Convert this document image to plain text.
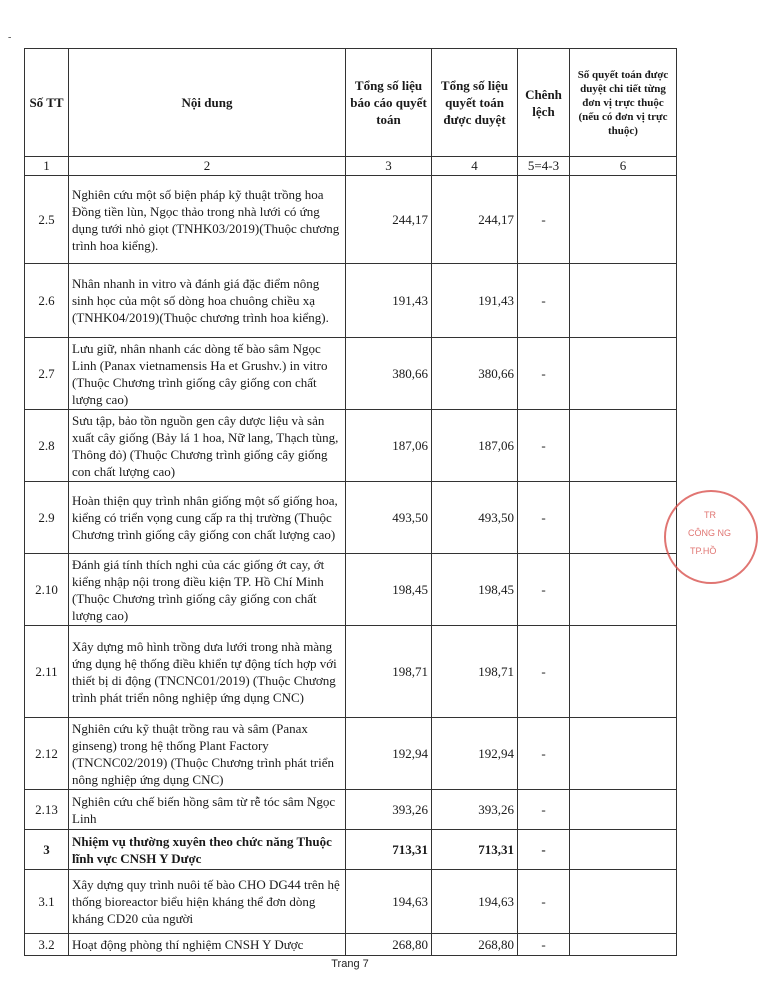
-
Số TT	Nội dung	Tổng số liệu báo cáo quyết toán	Tổng số liệu quyết toán được duyệt	Chênh lệch	Số quyết toán được duyệt chi tiết từng đơn vị trực thuộc (nếu có đơn vị trực thuộc)
1	2	3	4	5=4-3	6
2.5	Nghiên cứu một số biện pháp kỹ thuật trồng hoa Đồng tiền lùn, Ngọc thảo trong nhà lưới có ứng dụng tưới nhỏ giọt (TNHK03/2019)(Thuộc chương trình hoa kiểng).	244,17	244,17	-	
2.6	Nhân nhanh in vitro và đánh giá đặc điểm nông sinh học của một số dòng hoa chuông chiều xạ (TNHK04/2019)(Thuộc chương trình hoa kiểng).	191,43	191,43	-	
2.7	Lưu giữ, nhân nhanh các dòng tế bào sâm Ngọc Linh (Panax vietnamensis Ha et Grushv.) in vitro (Thuộc Chương trình giống cây giống con chất lượng cao)	380,66	380,66	-	
2.8	Sưu tập, bảo tồn nguồn gen cây dược liệu và sản xuất cây giống (Bảy lá 1 hoa, Nữ lang, Thạch tùng, Thông đỏ) (Thuộc Chương trình giống cây giống con chất lượng cao)	187,06	187,06	-	
2.9	Hoàn thiện quy trình nhân giống một số giống hoa, kiểng có triển vọng cung cấp ra thị trường (Thuộc Chương trình giống cây giống con chất lượng cao)	493,50	493,50	-	
2.10	Đánh giá tính thích nghi của các giống ớt cay, ớt kiểng nhập nội trong điều kiện TP. Hồ Chí Minh (Thuộc Chương trình giống cây giống con chất lượng cao)	198,45	198,45	-	
2.11	Xây dựng mô hình trồng dưa lưới trong nhà màng ứng dụng hệ thống điều khiển tự động tích hợp với thiết bị di động (TNCNC01/2019) (Thuộc Chương trình phát triển nông nghiệp ứng dụng CNC)	198,71	198,71	-	
2.12	Nghiên cứu kỹ thuật trồng rau và sâm (Panax ginseng) trong hệ thống Plant Factory (TNCNC02/2019) (Thuộc Chương trình phát triển nông nghiệp ứng dụng CNC)	192,94	192,94	-	
2.13	Nghiên cứu chế biến hồng sâm từ rễ tóc sâm Ngọc Linh	393,26	393,26	-	
3	Nhiệm vụ thường xuyên theo chức năng Thuộc lĩnh vực CNSH Y Dược	713,31	713,31	-	
3.1	Xây dựng quy trình nuôi tế bào CHO DG44 trên hệ thống bioreactor biểu hiện kháng thể đơn dòng kháng CD20 của người	194,63	194,63	-	
3.2	Hoạt động phòng thí nghiệm CNSH Y Dược	268,80	268,80	-	
TR
CÔNG NG
TP.HỒ
Trang 7
